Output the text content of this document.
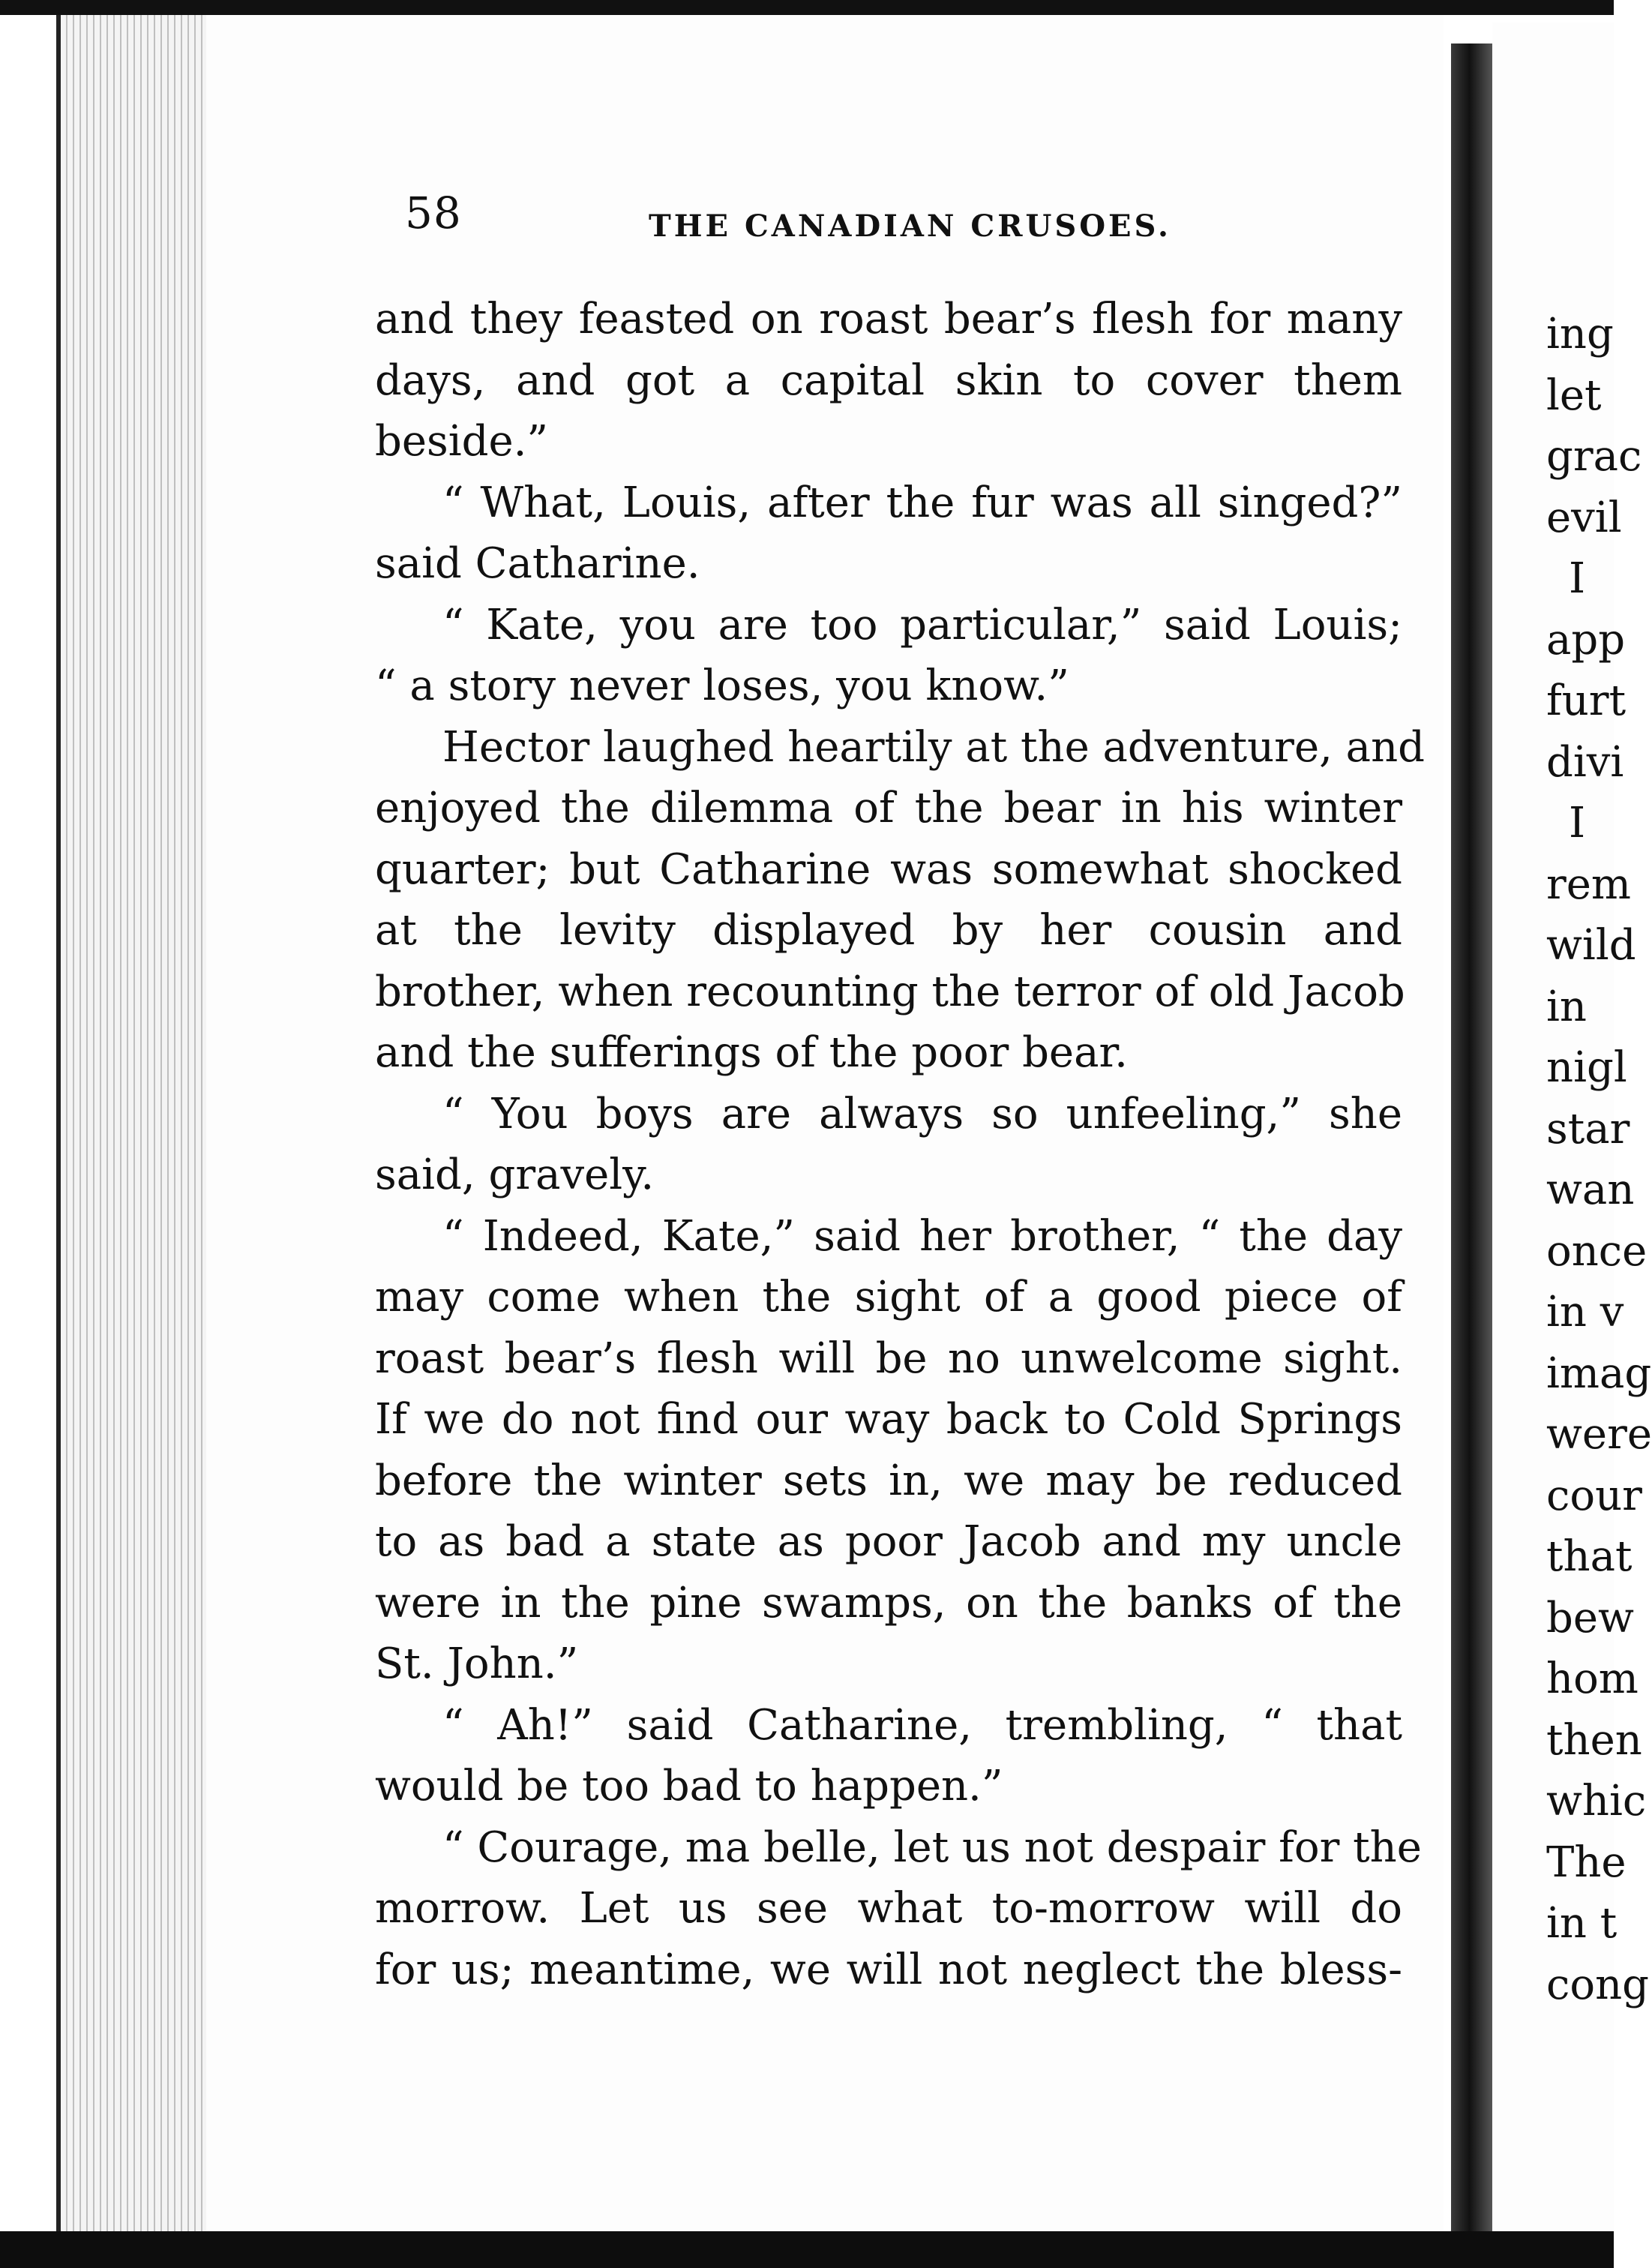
58	THE CANADIAN CRUSOES.
and they feasted on roast bear’s flesh for many
days, and got a capital skin to cover them
beside.”
“ What, Louis, after the fur was all singed?”
said Catharine.
“ Kate, you are too particular,” said Louis;
“ a story never loses, you know.”
Hector laughed heartily at the adventure, and
enjoyed the dilemma of the bear in his winter
quarter; but Catharine was somewhat shocked
at the levity displayed by her cousin and
brother, when recounting the terror of old Jacob
and the sufferings of the poor bear.
“ You boys are always so unfeeling,” she
said, gravely.
“ Indeed, Kate,” said her brother, “ the day
may come when the sight of a good piece of
roast bear’s flesh will be no unwelcome sight.
If we do not find our way back to Cold Springs
before the winter sets in, we may be reduced
to as bad a state as poor Jacob and my uncle
were in the pine swamps, on the banks of the
St. John.”
“ Ah!” said Catharine, trembling, “ that
would be too bad to happen.”
“ Courage, ma belle, let us not despair for the
morrow. Let us see what to-morrow will do
for us; meantime, we will not neglect the bless-
ing
let
grac
evil
I
app
furt
divi
I
rem
wild
in
nigl
star
wan
once
in v
imag
were
cour
that
bew
hom
then
whic
The
in t
cong
